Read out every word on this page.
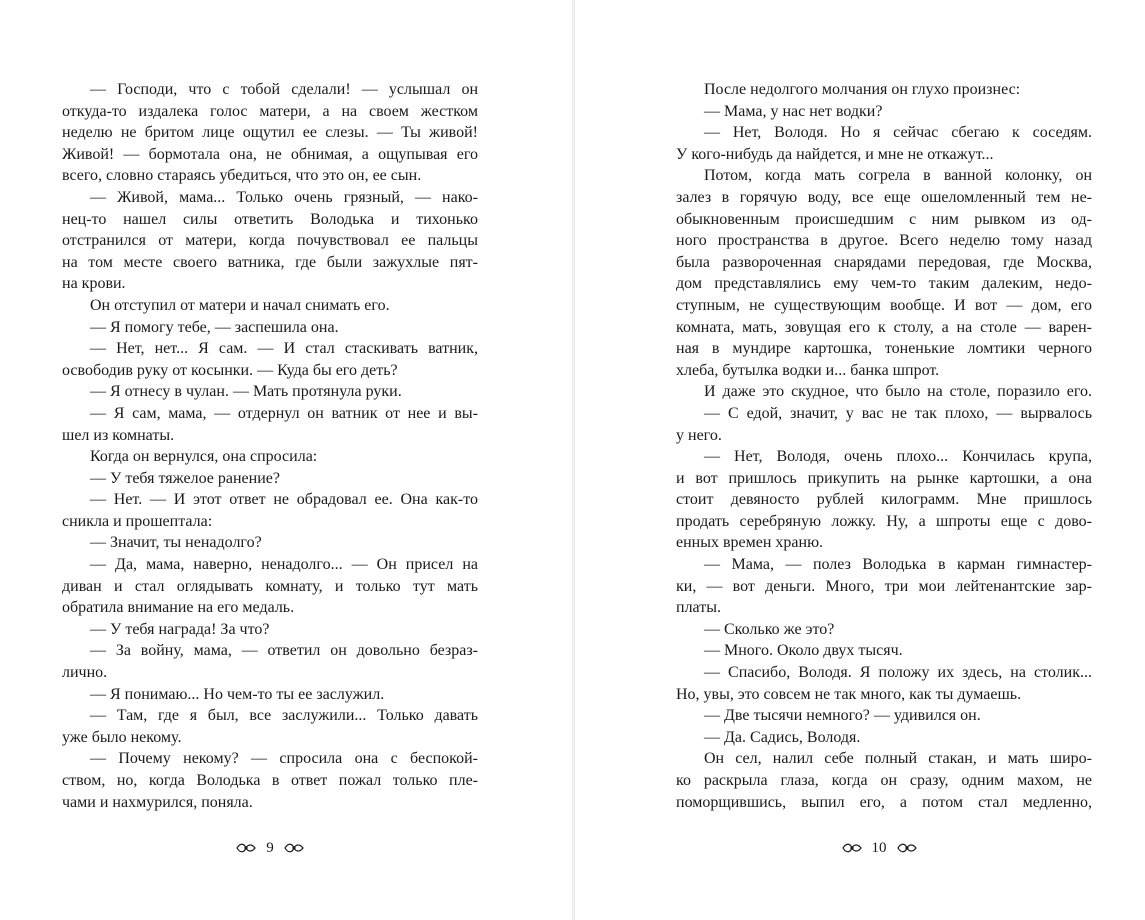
— Господи, что с тобой сделали! — услышал он
откуда-то издалека голос матери, а на своем жестком
неделю не бритом лице ощутил ее слезы. — Ты живой!
Живой! — бормотала она, не обнимая, а ощупывая его
всего, словно стараясь убедиться, что это он, ее сын.
— Живой, мама... Только очень грязный, — нако-
нец-то нашел силы ответить Володька и тихонько
отстранился от матери, когда почувствовал ее пальцы
на том месте своего ватника, где были зажухлые пят-
на крови.
Он отступил от матери и начал снимать его.
— Я помогу тебе, — заспешила она.
— Нет, нет... Я сам. — И стал стаскивать ватник,
освободив руку от косынки. — Куда бы его деть?
— Я отнесу в чулан. — Мать протянула руки.
— Я сам, мама, — отдернул он ватник от нее и вы-
шел из комнаты.
Когда он вернулся, она спросила:
— У тебя тяжелое ранение?
— Нет. — И этот ответ не обрадовал ее. Она как-то
сникла и прошептала:
— Значит, ты ненадолго?
— Да, мама, наверно, ненадолго... — Он присел на
диван и стал оглядывать комнату, и только тут мать
обратила внимание на его медаль.
— У тебя награда! За что?
— За войну, мама, — ответил он довольно безраз-
лично.
— Я понимаю... Но чем-то ты ее заслужил.
— Там, где я был, все заслужили... Только давать
уже было некому.
— Почему некому? — спросила она с беспокой-
ством, но, когда Володька в ответ пожал только пле-
чами и нахмурился, поняла.
9
После недолгого молчания он глухо произнес:
— Мама, у нас нет водки?
— Нет, Володя. Но я сейчас сбегаю к соседям.
У кого-нибудь да найдется, и мне не откажут...
Потом, когда мать согрела в ванной колонку, он
залез в горячую воду, все еще ошеломленный тем не-
обыкновенным происшедшим с ним рывком из од-
ного пространства в другое. Всего неделю тому назад
была развороченная снарядами передовая, где Москва,
дом представлялись ему чем-то таким далеким, недо-
ступным, не существующим вообще. И вот — дом, его
комната, мать, зовущая его к столу, а на столе — варен-
ная в мундире картошка, тоненькие ломтики черного
хлеба, бутылка водки и... банка шпрот.
И даже это скудное, что было на столе, поразило его.
— С едой, значит, у вас не так плохо, — вырвалось
у него.
— Нет, Володя, очень плохо... Кончилась крупа,
и вот пришлось прикупить на рынке картошки, а она
стоит девяносто рублей килограмм. Мне пришлось
продать серебряную ложку. Ну, а шпроты еще с дово-
енных времен храню.
— Мама, — полез Володька в карман гимнастер-
ки, — вот деньги. Много, три мои лейтенантские зар-
платы.
— Сколько же это?
— Много. Около двух тысяч.
— Спасибо, Володя. Я положу их здесь, на столик...
Но, увы, это совсем не так много, как ты думаешь.
— Две тысячи немного? — удивился он.
— Да. Садись, Володя.
Он сел, налил себе полный стакан, и мать широ-
ко раскрыла глаза, когда он сразу, одним махом, не
поморщившись, выпил его, а потом стал медленно,
10
